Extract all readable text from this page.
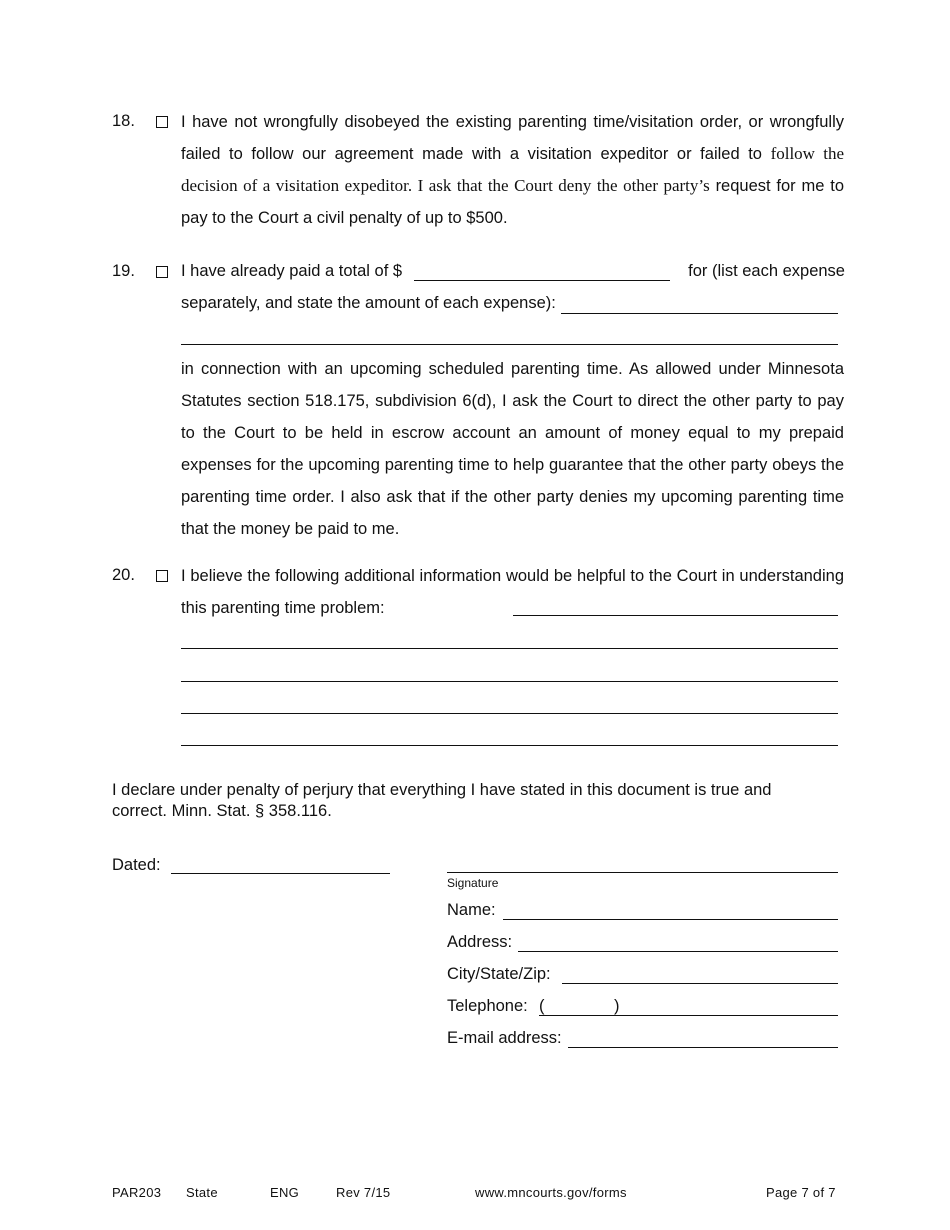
18.	I have not wrongfully disobeyed the existing parenting time/visitation order, or wrongfully failed to follow our agreement made with a visitation expeditor or failed to follow the decision of a visitation expeditor. I ask that the Court deny the other party’s request for me to pay to the Court a civil penalty of up to $500.

19.	I have already paid a total of $	for (list each expense
separately, and state the amount of each expense):

in connection with an upcoming scheduled parenting time. As allowed under Minnesota Statutes section 518.175, subdivision 6(d), I ask the Court to direct the other party to pay to the Court to be held in escrow account an amount of money equal to my prepaid expenses for the upcoming parenting time to help guarantee that the other party obeys the parenting time order. I also ask that if the other party denies my upcoming parenting time that the money be paid to me.

20.	I believe the following additional information would be helpful to the Court in understanding this parenting time problem:

I declare under penalty of perjury that everything I have stated in this document is true and correct. Minn. Stat. § 358.116.
Dated:
Signature
Name:
Address:
City/State/Zip:
Telephone: (	)
E-mail address:
PAR203 State	ENG	Rev 7/15	www.mncourts.gov/forms	Page 7 of 7
